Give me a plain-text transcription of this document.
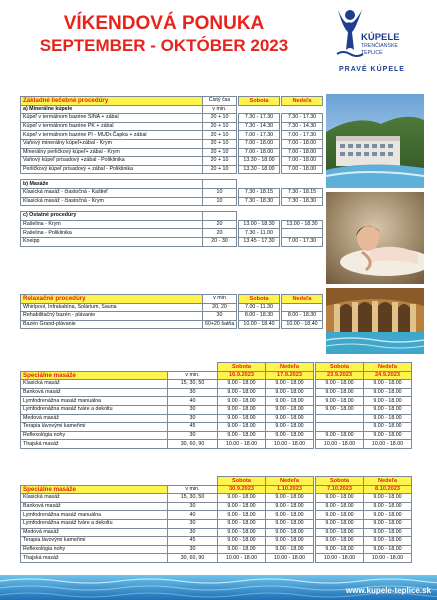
VÍKENDOVÁ PONUKA
SEPTEMBER - OKTÓBER 2023	KÚPELE
TRENČIANSKE
TEPLICE
PRAVÉ KÚPELE
Základné liečebné procedúry	Čistý čas		Sobota		Nedeľa
a) Minerálne kúpele	v min.				
Kúpeľ v termálnom bazéne SINA + zábal	20 + 10		7.30 - 17.30		7.30 - 17.30
Kúpeľ v termálnom bazéne PK + zábal	20 + 10		7.30 - 14.30		7.30 - 14.30
Kúpeľ v termálnom bazéne PI - MUDr.Čapka + zábal	20 + 10		7.00 - 17.30		7.00 - 17.30
Vaňový minerálny kúpeľ+zábal - Krym	20 + 10		7.00 - 18.00		7.00 - 18.00
Minerálny perličkový kúpeľ+ zábal - Krym	20 + 10		7.00 - 18.00		7.00 - 18.00
Vaňový kúpeľ prísadový +zábal - Poliklinika	20 + 10		13.30 - 18.00		7.00 - 18.00
Perličkový kúpeľ prísadový + zábal - Poliklinika	20 + 10		13.30 - 18.00		7.00 - 18.00

b) Masáže					
Klasická masáž - čiastočná - Kaštieľ	10		7.30 - 18.15		7.30 - 18.15
Klasická masáž - čiastočná - Krym	10		7.30 - 18.30		7.30 - 18.30

c) Ostatné procedúry					
Rašelina - Krym	20		13.00 - 18.30		13.00 - 18.30
Rašelina - Poliklinika	20		7.30 - 11.00		
Kneipp	20 - 30		13.45 - 17.30		7.00 - 17.30
Relaxačné procedúry	v min		Sobota		Nedeľa
Whirlpool, Infrakabína, Solárium, Sauna	20, 20		7.00 - 11.30		
Rehabilitačný bazén - plávanie	30		8.00 - 18.30		8.00 - 18.30
Bazén Grand-plávanie	60+20 šatňa		10.00 - 18.40		10.00 - 18.40
		Sobota	Nedeľa		Sobota	Nedeľa
Špeciálne masáže	v min.	16.9.2023	17.9.2023		23.9.2023	24.9.2023
Klasická masáž	15, 30, 50	9.00 - 18.00	9.00 - 18.00		9.00 - 18.00	9.00 - 18.00
Banková masáž	30	9.00 - 18.00	9.00 - 18.00		9.00 - 18.00	9.00 - 18.00
Lymfodrenážna masáž manuálna	40	9.00 - 18.00	9.00 - 18.00		9.00 - 18.00	9.00 - 18.00
Lymfodrenážna masáž tváre a dekoltu	30	9.00 - 18.00	9.00 - 18.00		9.00 - 18.00	9.00 - 18.00
Medová masáž	30	9.00 - 18.00	9.00 - 18.00			9.00 - 18.00
Terapia lávovými kameňmi	45	9.00 - 18.00	9.00 - 18.00			9.00 - 18.00
Reflexológia nohy	30	9.00 - 18.00	9.00 - 18.00		9.00 - 18.00	9.00 - 18.00
Thajská masáž	30, 60, 90	10.00 - 18.00	10.00 - 18.00		10.00 - 18.00	10.00 - 18.00
		Sobota	Nedeľa		Sobota	Nedeľa
Špeciálne masáže	v min.	30.9.2023	1.10.2023		7.10.2023	8.10.2023
Klasická masáž	15, 30, 50	9.00 - 18.00	9.00 - 18.00		9.00 - 18.00	9.00 - 18.00
Banková masáž	30	9.00 - 18.00	9.00 - 18.00		9.00 - 18.00	9.00 - 18.00
Lymfodrenážna masáž manuálna	40	9.00 - 18.00	9.00 - 18.00		9.00 - 18.00	9.00 - 18.00
Lymfodrenážna masáž tváre a dekoltu	30	9.00 - 18.00	9.00 - 18.00		9.00 - 18.00	9.00 - 18.00
Medová masáž	30	9.00 - 18.00	9.00 - 18.00		9.00 - 18.00	9.00 - 18.00
Terapia lávovými kameňmi	45	9.00 - 18.00	9.00 - 18.00		9.00 - 18.00	9.00 - 18.00
Reflexológia nohy	30	9.00 - 18.00	9.00 - 18.00		9.00 - 18.00	9.00 - 18.00
Thajská masáž	30, 60, 90	10.00 - 18.00	10.00 - 18.00		10.00 - 18.00	10.00 - 18.00
www.kupele-teplice.sk
